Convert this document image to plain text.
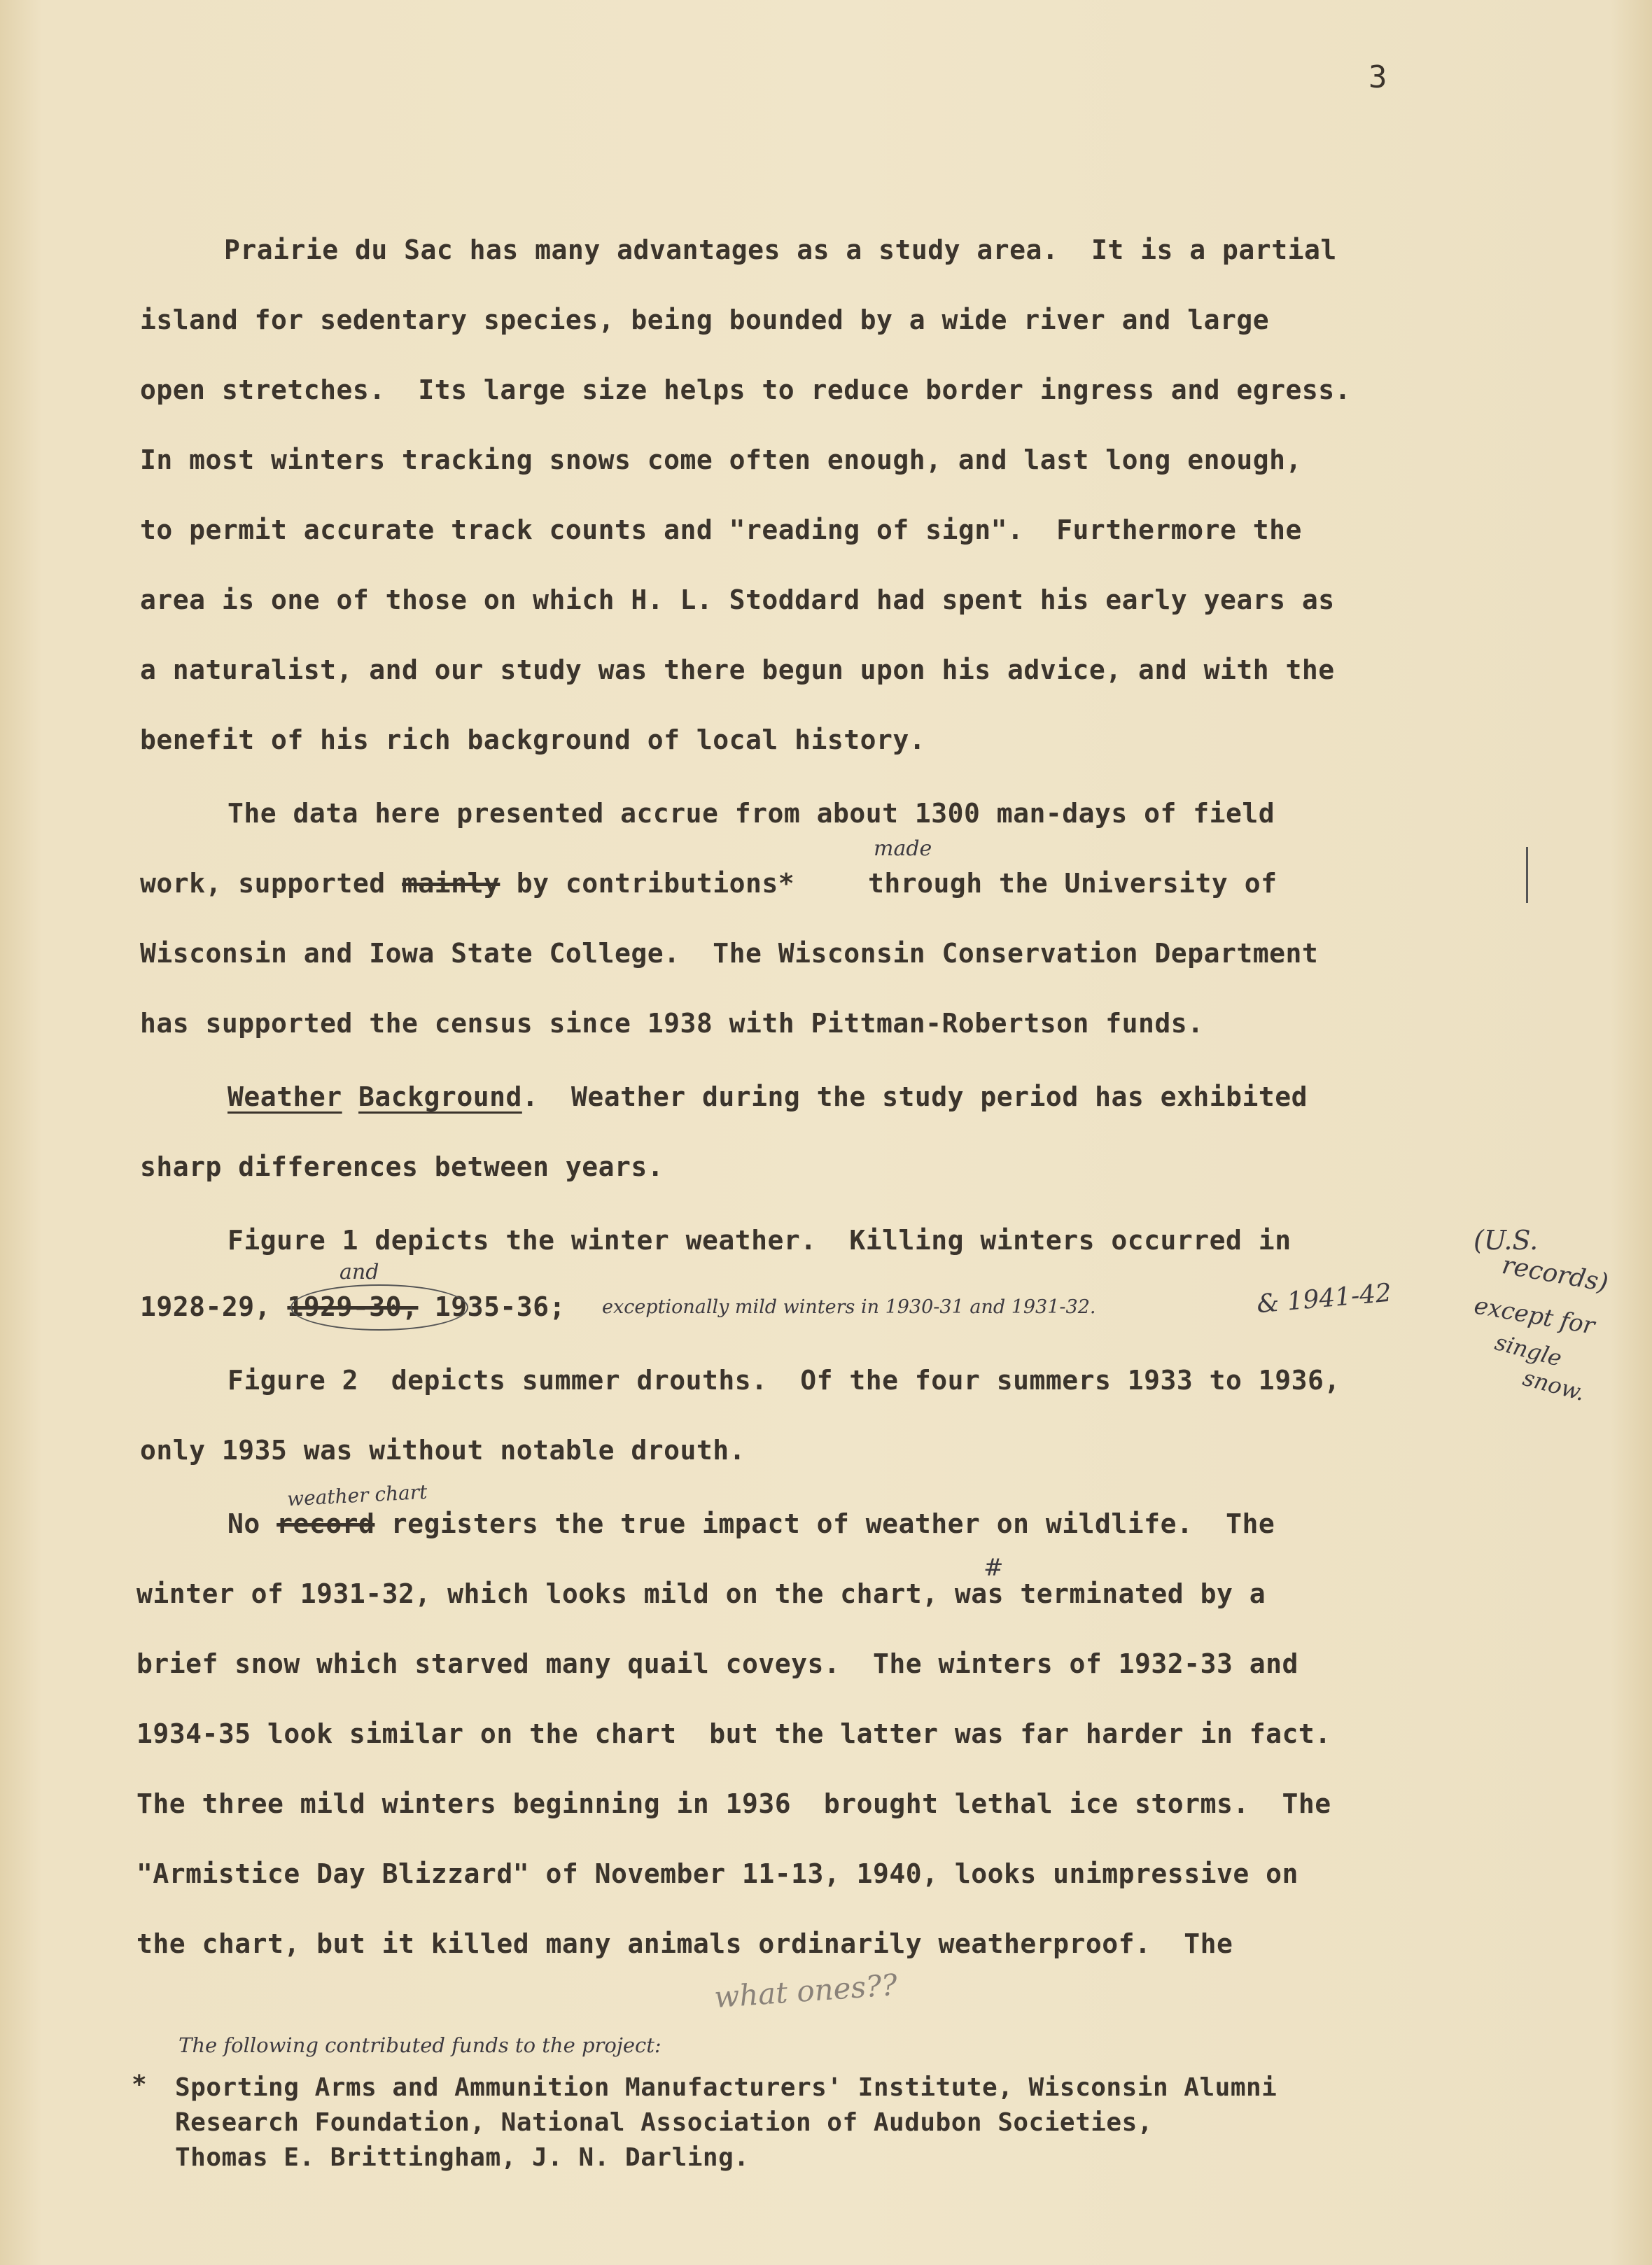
3
Prairie du Sac has many advantages as a study area.  It is a partial
island for sedentary species, being bounded by a wide river and large
open stretches.  Its large size helps to reduce border ingress and egress.
In most winters tracking snows come often enough, and last long enough,
to permit accurate track counts and "reading of sign".  Furthermore the
area is one of those on which H. L. Stoddard had spent his early years as
a naturalist, and our study was there begun upon his advice, and with the
benefit of his rich background of local history.
The data here presented accrue from about 1300 man-days of field
work, supported mainly by contributions*	through the University of
made
Wisconsin and Iowa State College.  The Wisconsin Conservation Department
has supported the census since 1938 with Pittman-Robertson funds.
Weather Background.  Weather during the study period has exhibited
sharp differences between years.
Figure 1 depicts the winter weather.  Killing winters occurred in
1928-29, 1929-30, 1935-36;
and
exceptionally mild winters in 1930-31 and 1931-32.	& 1941-42
(U.S.
records)
except for
single
snow.
Figure 2  depicts summer drouths.  Of the four summers 1933 to 1936,
only 1935 was without notable drouth.
weather chart
No record registers the true impact of weather on wildlife.  The
#
winter of 1931-32, which looks mild on the chart, was terminated by a
brief snow which starved many quail coveys.  The winters of 1932-33 and
1934-35 look similar on the chart  but the latter was far harder in fact.
The three mild winters beginning in 1936  brought lethal ice storms.  The
"Armistice Day Blizzard" of November 11-13, 1940, looks unimpressive on
the chart, but it killed many animals ordinarily weatherproof.  The
what ones??
The following contributed funds to the project:
* Sporting Arms and Ammunition Manufacturers' Institute, Wisconsin Alumni
Research Foundation, National Association of Audubon Societies,
Thomas E. Brittingham, J. N. Darling.
